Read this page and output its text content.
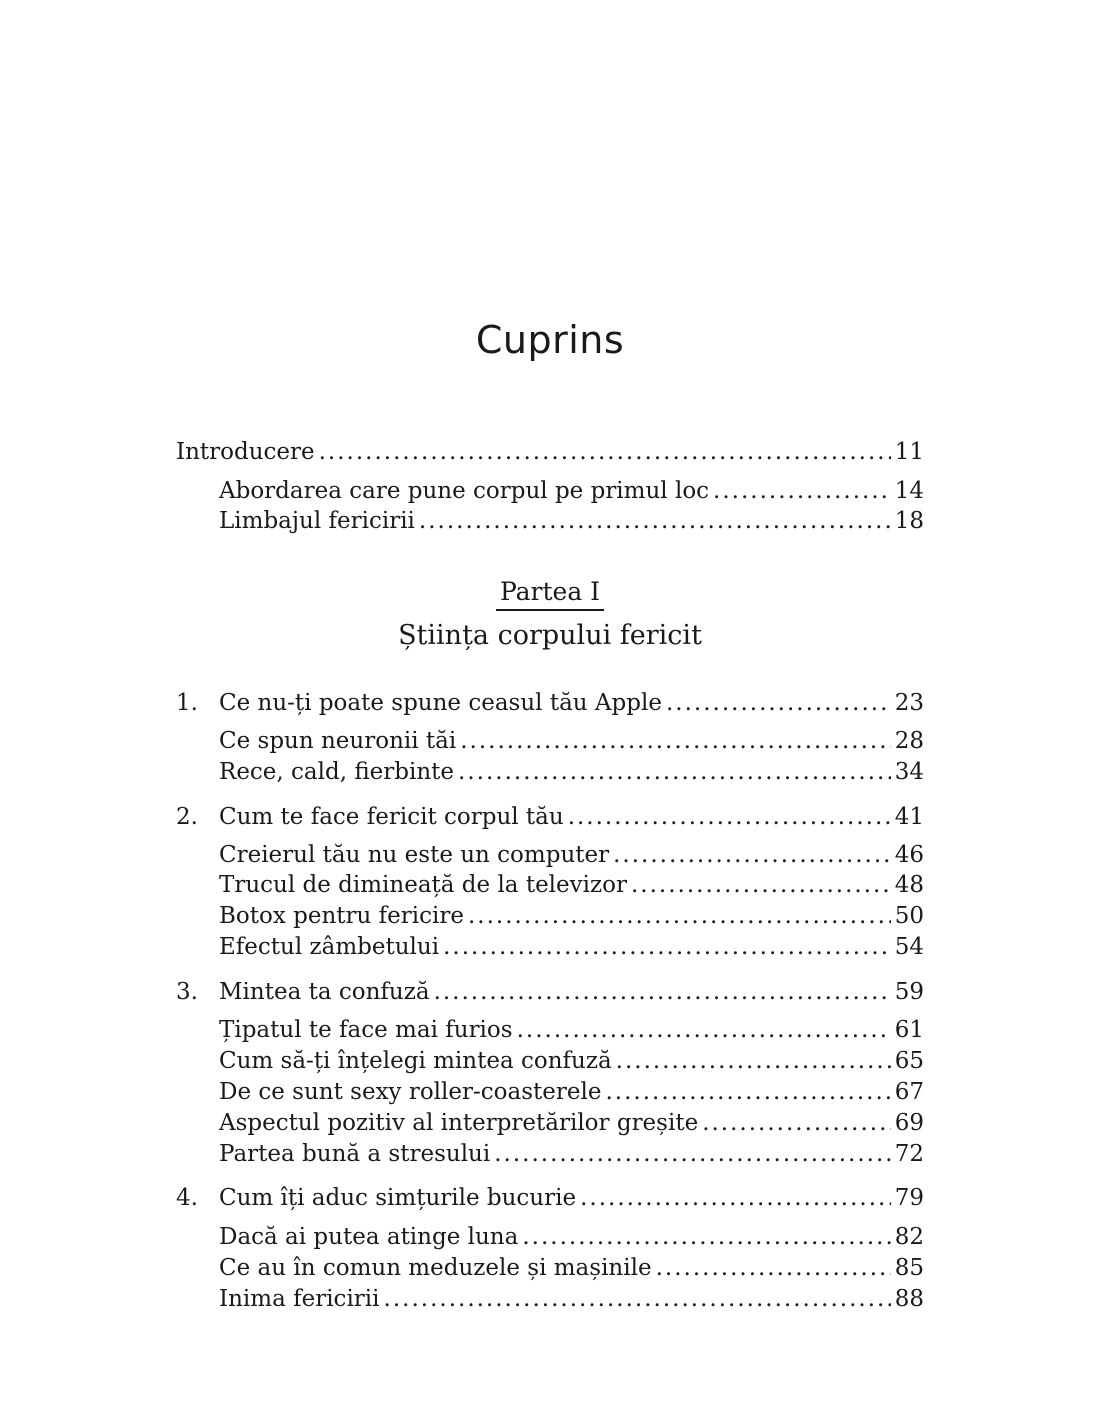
Cuprins
Introducere .....	11
Abordarea care pune corpul pe primul loc .....	14
Limbajul fericirii .....	18
Partea I
Știința corpului fericit
1. Ce nu-ți poate spune ceasul tău Apple .....	23
Ce spun neuronii tăi .....	28
Rece, cald, fierbinte .....	34
2. Cum te face fericit corpul tău .....	41
Creierul tău nu este un computer .....	46
Trucul de dimineață de la televizor .....	48
Botox pentru fericire .....	50
Efectul zâmbetului .....	54
3. Mintea ta confuză .....	59
Țipatul te face mai furios .....	61
Cum să-ți înțelegi mintea confuză .....	65
De ce sunt sexy roller-coasterele .....	67
Aspectul pozitiv al interpretărilor greșite .....	69
Partea bună a stresului .....	72
4. Cum îți aduc simțurile bucurie .....	79
Dacă ai putea atinge luna .....	82
Ce au în comun meduzele și mașinile .....	85
Inima fericirii .....	88
